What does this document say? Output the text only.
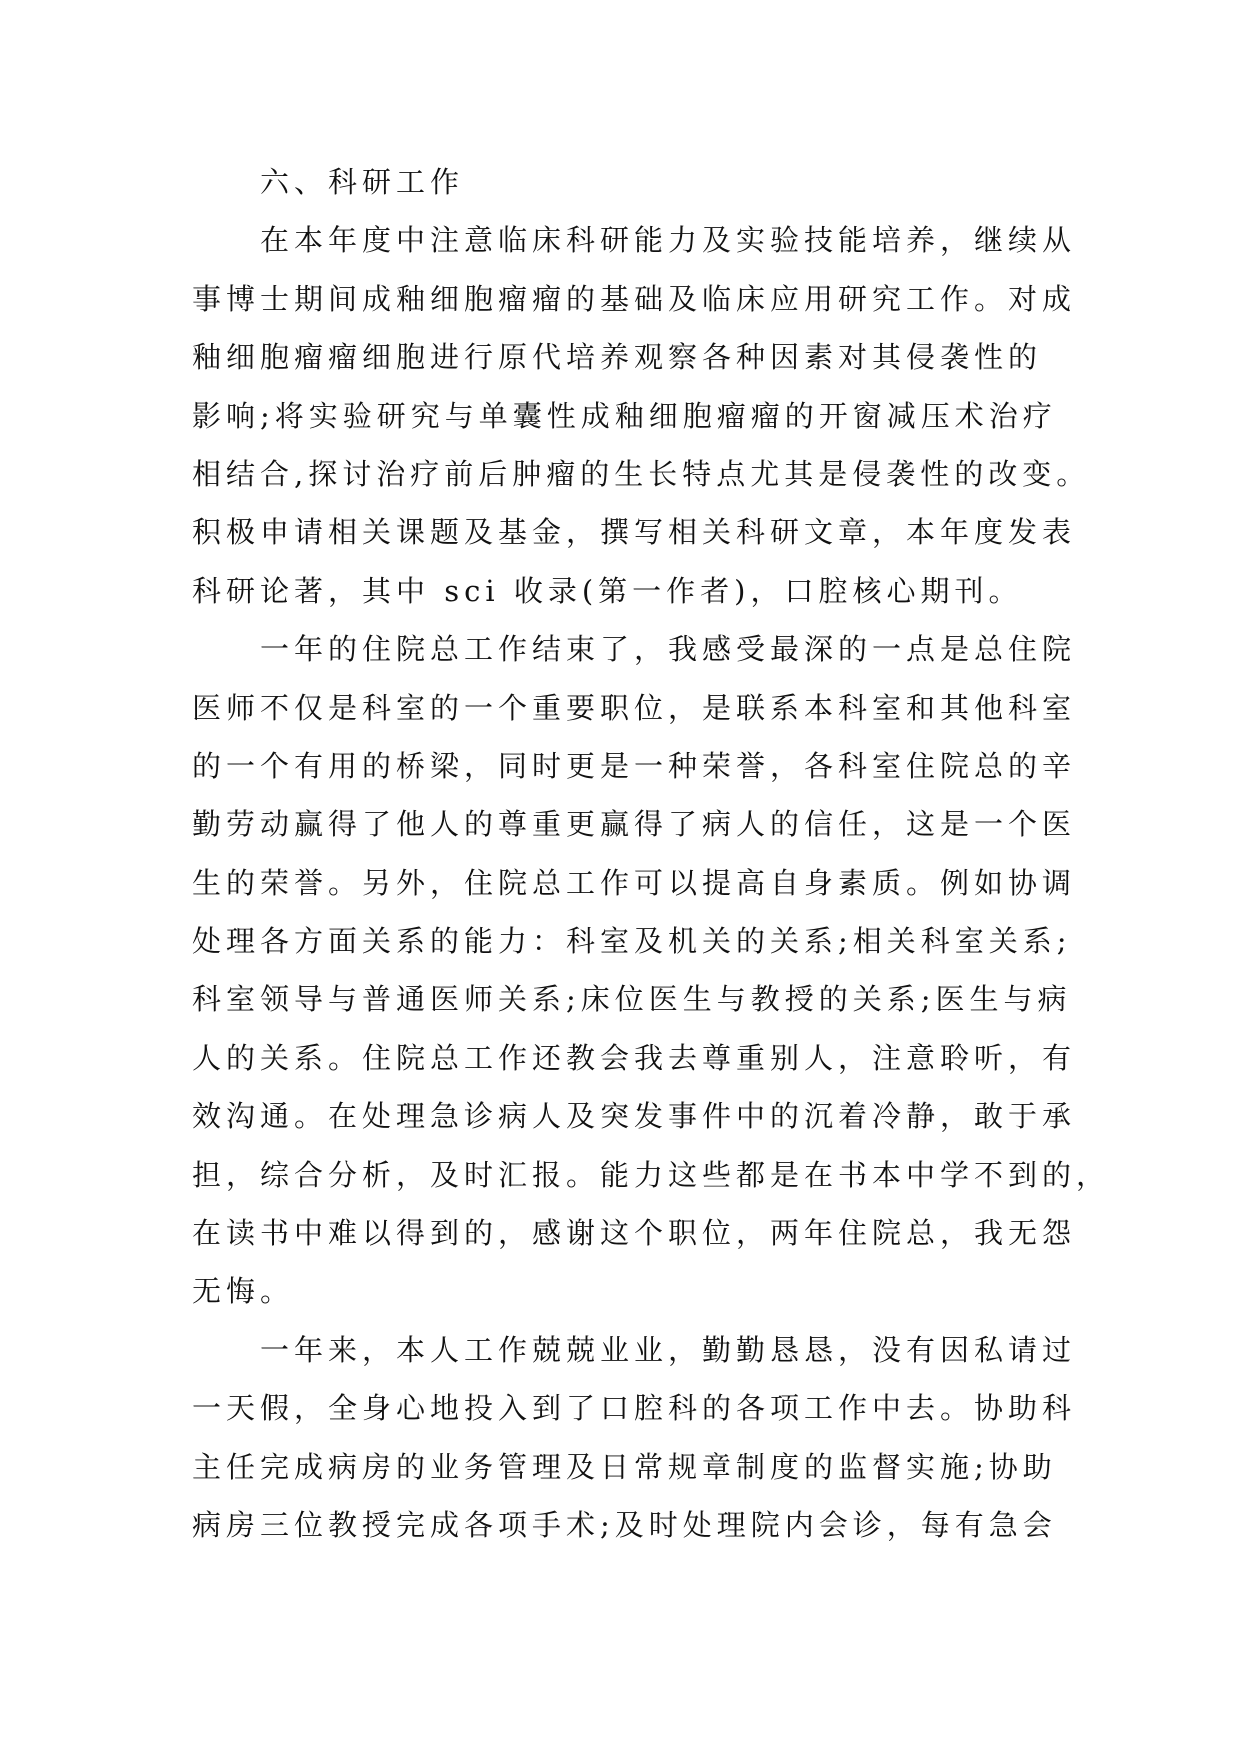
六、科研工作
在本年度中注意临床科研能力及实验技能培养，继续从
事博士期间成釉细胞瘤瘤的基础及临床应用研究工作。对成
釉细胞瘤瘤细胞进行原代培养观察各种因素对其侵袭性的
影响;将实验研究与单囊性成釉细胞瘤瘤的开窗减压术治疗
相结合,探讨治疗前后肿瘤的生长特点尤其是侵袭性的改变。
积极申请相关课题及基金，撰写相关科研文章，本年度发表
科研论著，其中 sci 收录(第一作者)，口腔核心期刊。
一年的住院总工作结束了，我感受最深的一点是总住院
医师不仅是科室的一个重要职位，是联系本科室和其他科室
的一个有用的桥梁，同时更是一种荣誉，各科室住院总的辛
勤劳动赢得了他人的尊重更赢得了病人的信任，这是一个医
生的荣誉。另外，住院总工作可以提高自身素质。例如协调
处理各方面关系的能力：科室及机关的关系;相关科室关系;
科室领导与普通医师关系;床位医生与教授的关系;医生与病
人的关系。住院总工作还教会我去尊重别人，注意聆听，有
效沟通。在处理急诊病人及突发事件中的沉着冷静，敢于承
担，综合分析，及时汇报。能力这些都是在书本中学不到的，
在读书中难以得到的，感谢这个职位，两年住院总，我无怨
无悔。
一年来，本人工作兢兢业业，勤勤恳恳，没有因私请过
一天假，全身心地投入到了口腔科的各项工作中去。协助科
主任完成病房的业务管理及日常规章制度的监督实施;协助
病房三位教授完成各项手术;及时处理院内会诊，每有急会
